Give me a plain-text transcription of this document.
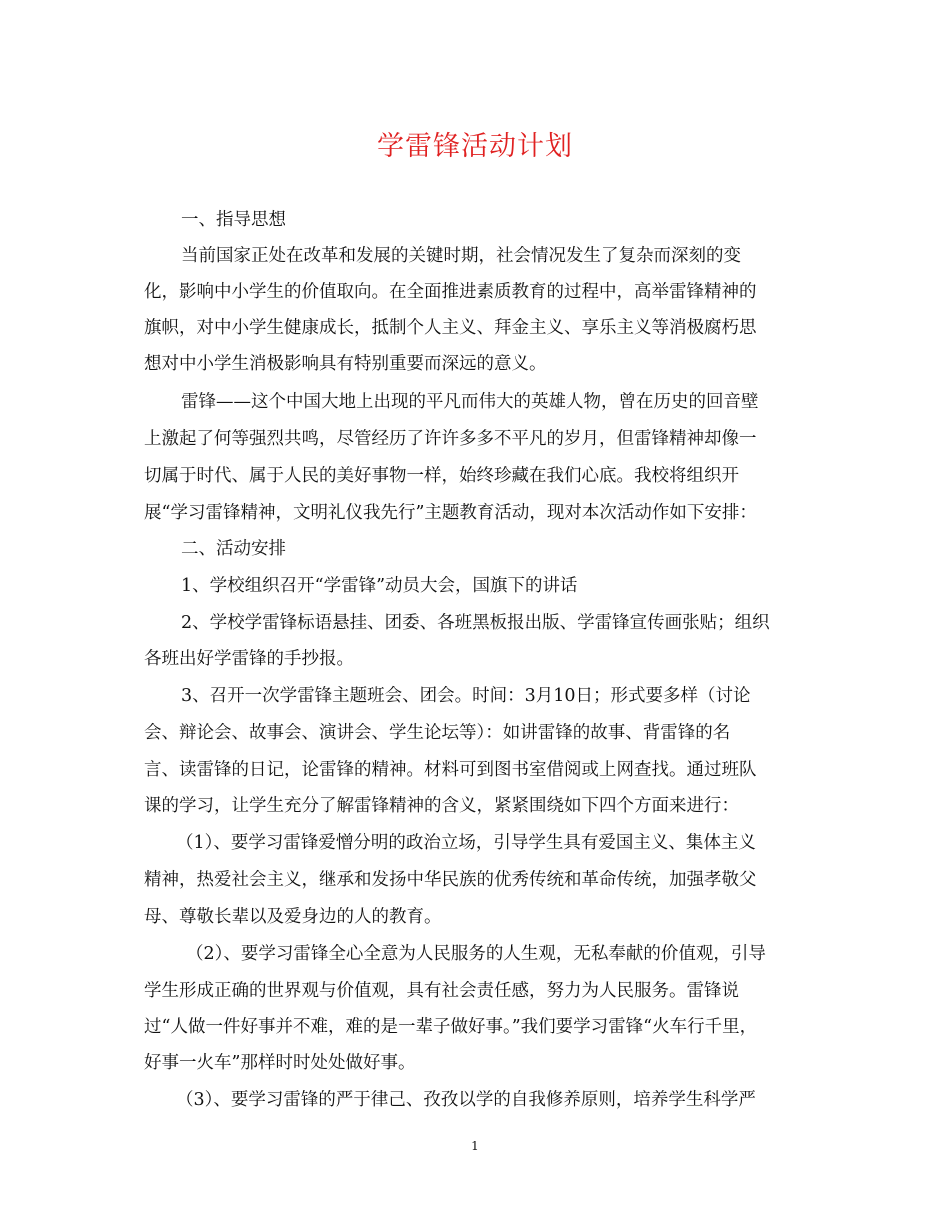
学雷锋活动计划
一、指导思想
当前国家正处在改革和发展的关键时期，社会情况发生了复杂而深刻的变
化，影响中小学生的价值取向。在全面推进素质教育的过程中，高举雷锋精神的
旗帜，对中小学生健康成长，抵制个人主义、拜金主义、享乐主义等消极腐朽思
想对中小学生消极影响具有特别重要而深远的意义。
雷锋——这个中国大地上出现的平凡而伟大的英雄人物，曾在历史的回音壁
上激起了何等强烈共鸣，尽管经历了许许多多不平凡的岁月，但雷锋精神却像一
切属于时代、属于人民的美好事物一样，始终珍藏在我们心底。我校将组织开
展“学习雷锋精神，文明礼仪我先行”主题教育活动，现对本次活动作如下安排：
二、活动安排
1、学校组织召开“学雷锋”动员大会，国旗下的讲话
2、学校学雷锋标语悬挂、团委、各班黑板报出版、学雷锋宣传画张贴；组织
各班出好学雷锋的手抄报。
3、召开一次学雷锋主题班会、团会。时间：3月10日；形式要多样（讨论
会、辩论会、故事会、演讲会、学生论坛等）：如讲雷锋的故事、背雷锋的名
言、读雷锋的日记，论雷锋的精神。材料可到图书室借阅或上网查找。通过班队
课的学习，让学生充分了解雷锋精神的含义，紧紧围绕如下四个方面来进行：
（1）、要学习雷锋爱憎分明的政治立场，引导学生具有爱国主义、集体主义
精神，热爱社会主义，继承和发扬中华民族的优秀传统和革命传统，加强孝敬父
母、尊敬长辈以及爱身边的人的教育。
（2）、要学习雷锋全心全意为人民服务的人生观，无私奉献的价值观，引导
学生形成正确的世界观与价值观，具有社会责任感，努力为人民服务。雷锋说
过“人做一件好事并不难，难的是一辈子做好事。”我们要学习雷锋“火车行千里，
好事一火车”那样时时处处做好事。
（3）、要学习雷锋的严于律己、孜孜以学的自我修养原则，培养学生科学严
1
